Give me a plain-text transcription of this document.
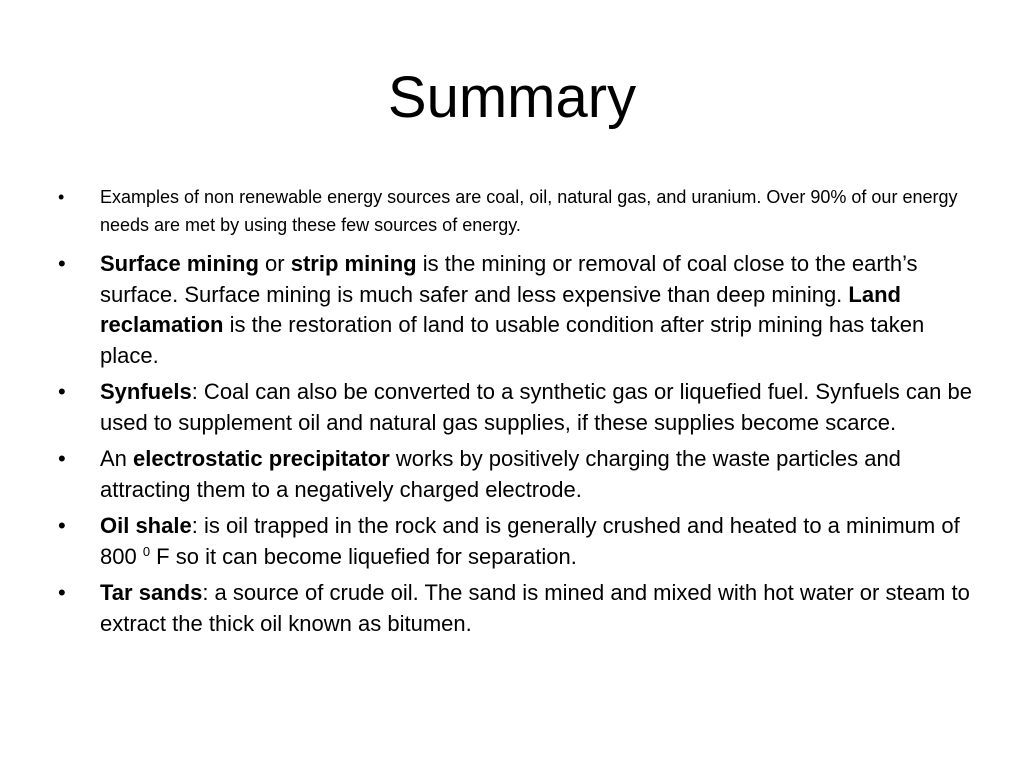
Summary
• Examples of non renewable energy sources are coal, oil, natural gas, and uranium. Over 90% of our energy needs are met by using these few sources of energy.
• Surface mining or strip mining is the mining or removal of coal close to the earth’s surface. Surface mining is much safer and less expensive than deep mining. Land reclamation is the restoration of land to usable condition after strip mining has taken place.
• Synfuels: Coal can also be converted to a synthetic gas or liquefied fuel. Synfuels can be used to supplement oil and natural gas supplies, if these supplies become scarce.
• An electrostatic precipitator works by positively charging the waste particles and attracting them to a negatively charged electrode.
• Oil shale: is oil trapped in the rock and is generally crushed and heated to a minimum of 800 $^0$ F so it can become liquefied for separation.
• Tar sands: a source of crude oil. The sand is mined and mixed with hot water or steam to extract the thick oil known as bitumen.
